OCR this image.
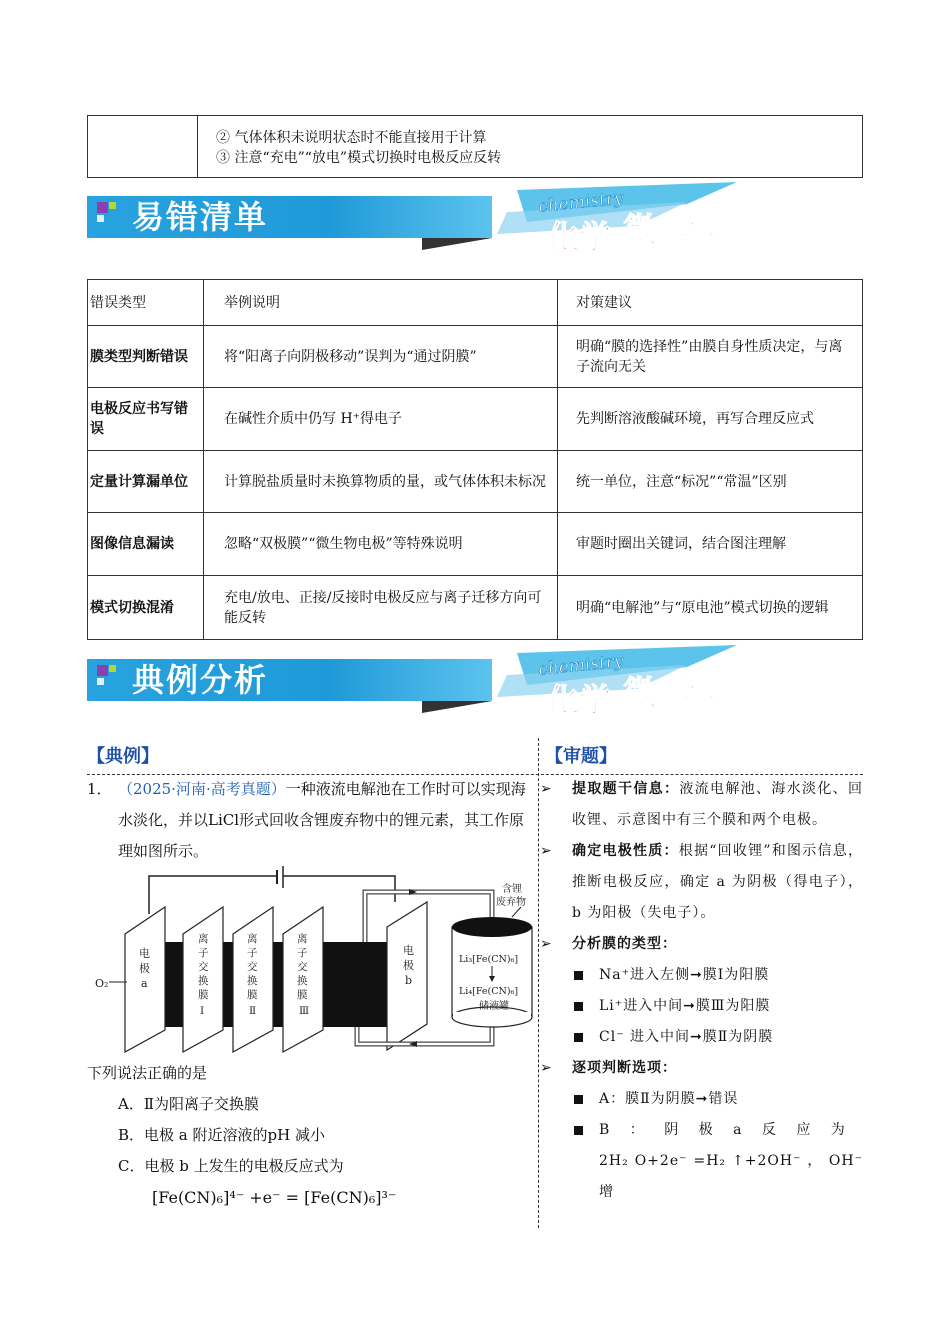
② 气体体积未说明状态时不能直接用于计算
③ 注意“充电”“放电”模式切换时电极反应反转
易错清单	chemistry
化学 微 突破
错误类型	举例说明	对策建议
膜类型判断错误	将“阳离子向阴极移动”误判为“通过阴膜”	明确“膜的选择性”由膜自身性质决定，与离子流向无关
电极反应书写错误	在碱性介质中仍写 H⁺得电子	先判断溶液酸碱环境，再写合理反应式
定量计算漏单位	计算脱盐质量时未换算物质的量，或气体体积未标况	统一单位，注意“标况”“常温”区别
图像信息漏读	忽略“双极膜”“微生物电极”等特殊说明	审题时圈出关键词，结合图注理解
模式切换混淆	充电/放电、正接/反接时电极反应与离子迁移方向可能反转	明确“电解池”与“原电池”模式切换的逻辑
典例分析	chemistry
化学 微 突破
【典例】	【审题】
1． （2025·河南·高考真题）一种液流电解池在工作时可以实现海水淡化，并以LiCl形式回收含锂废弃物中的锂元素，其工作原理如图所示。
电
极
a
O₂
离
子
交
换
膜
Ⅰ
离
子
交
换
膜
Ⅱ
离
子
交
换
膜
Ⅲ
电
极
b
含锂
废弃物
Li₃[Fe(CN)₆]
Li₄[Fe(CN)₆]
储液罐
下列说法正确的是
A．Ⅱ为阳离子交换膜
B．电极 a 附近溶液的pH 减小
C．电极 b 上发生的电极反应式为
[Fe(CN)₆]⁴⁻ +e⁻ = [Fe(CN)₆]³⁻
➢	提取题干信息：液流电解池、海水淡化、回收锂、示意图中有三个膜和两个电极。
➢	确定电极性质：根据“回收锂”和图示信息，推断电极反应，确定 a 为阴极（得电子），b 为阳极（失电子）。
➢	分析膜的类型：
Na⁺进入左侧➞膜Ⅰ为阳膜
Li⁺进入中间➞膜Ⅲ为阳膜
Cl⁻ 进入中间➞膜Ⅱ为阴膜
➢	逐项判断选项：
A：膜Ⅱ为阴膜➞错误
B ： 阴 极 a 反 应 为
2H₂ O+2e⁻ =H₂ ↑+2OH⁻ ， OH⁻ 增
